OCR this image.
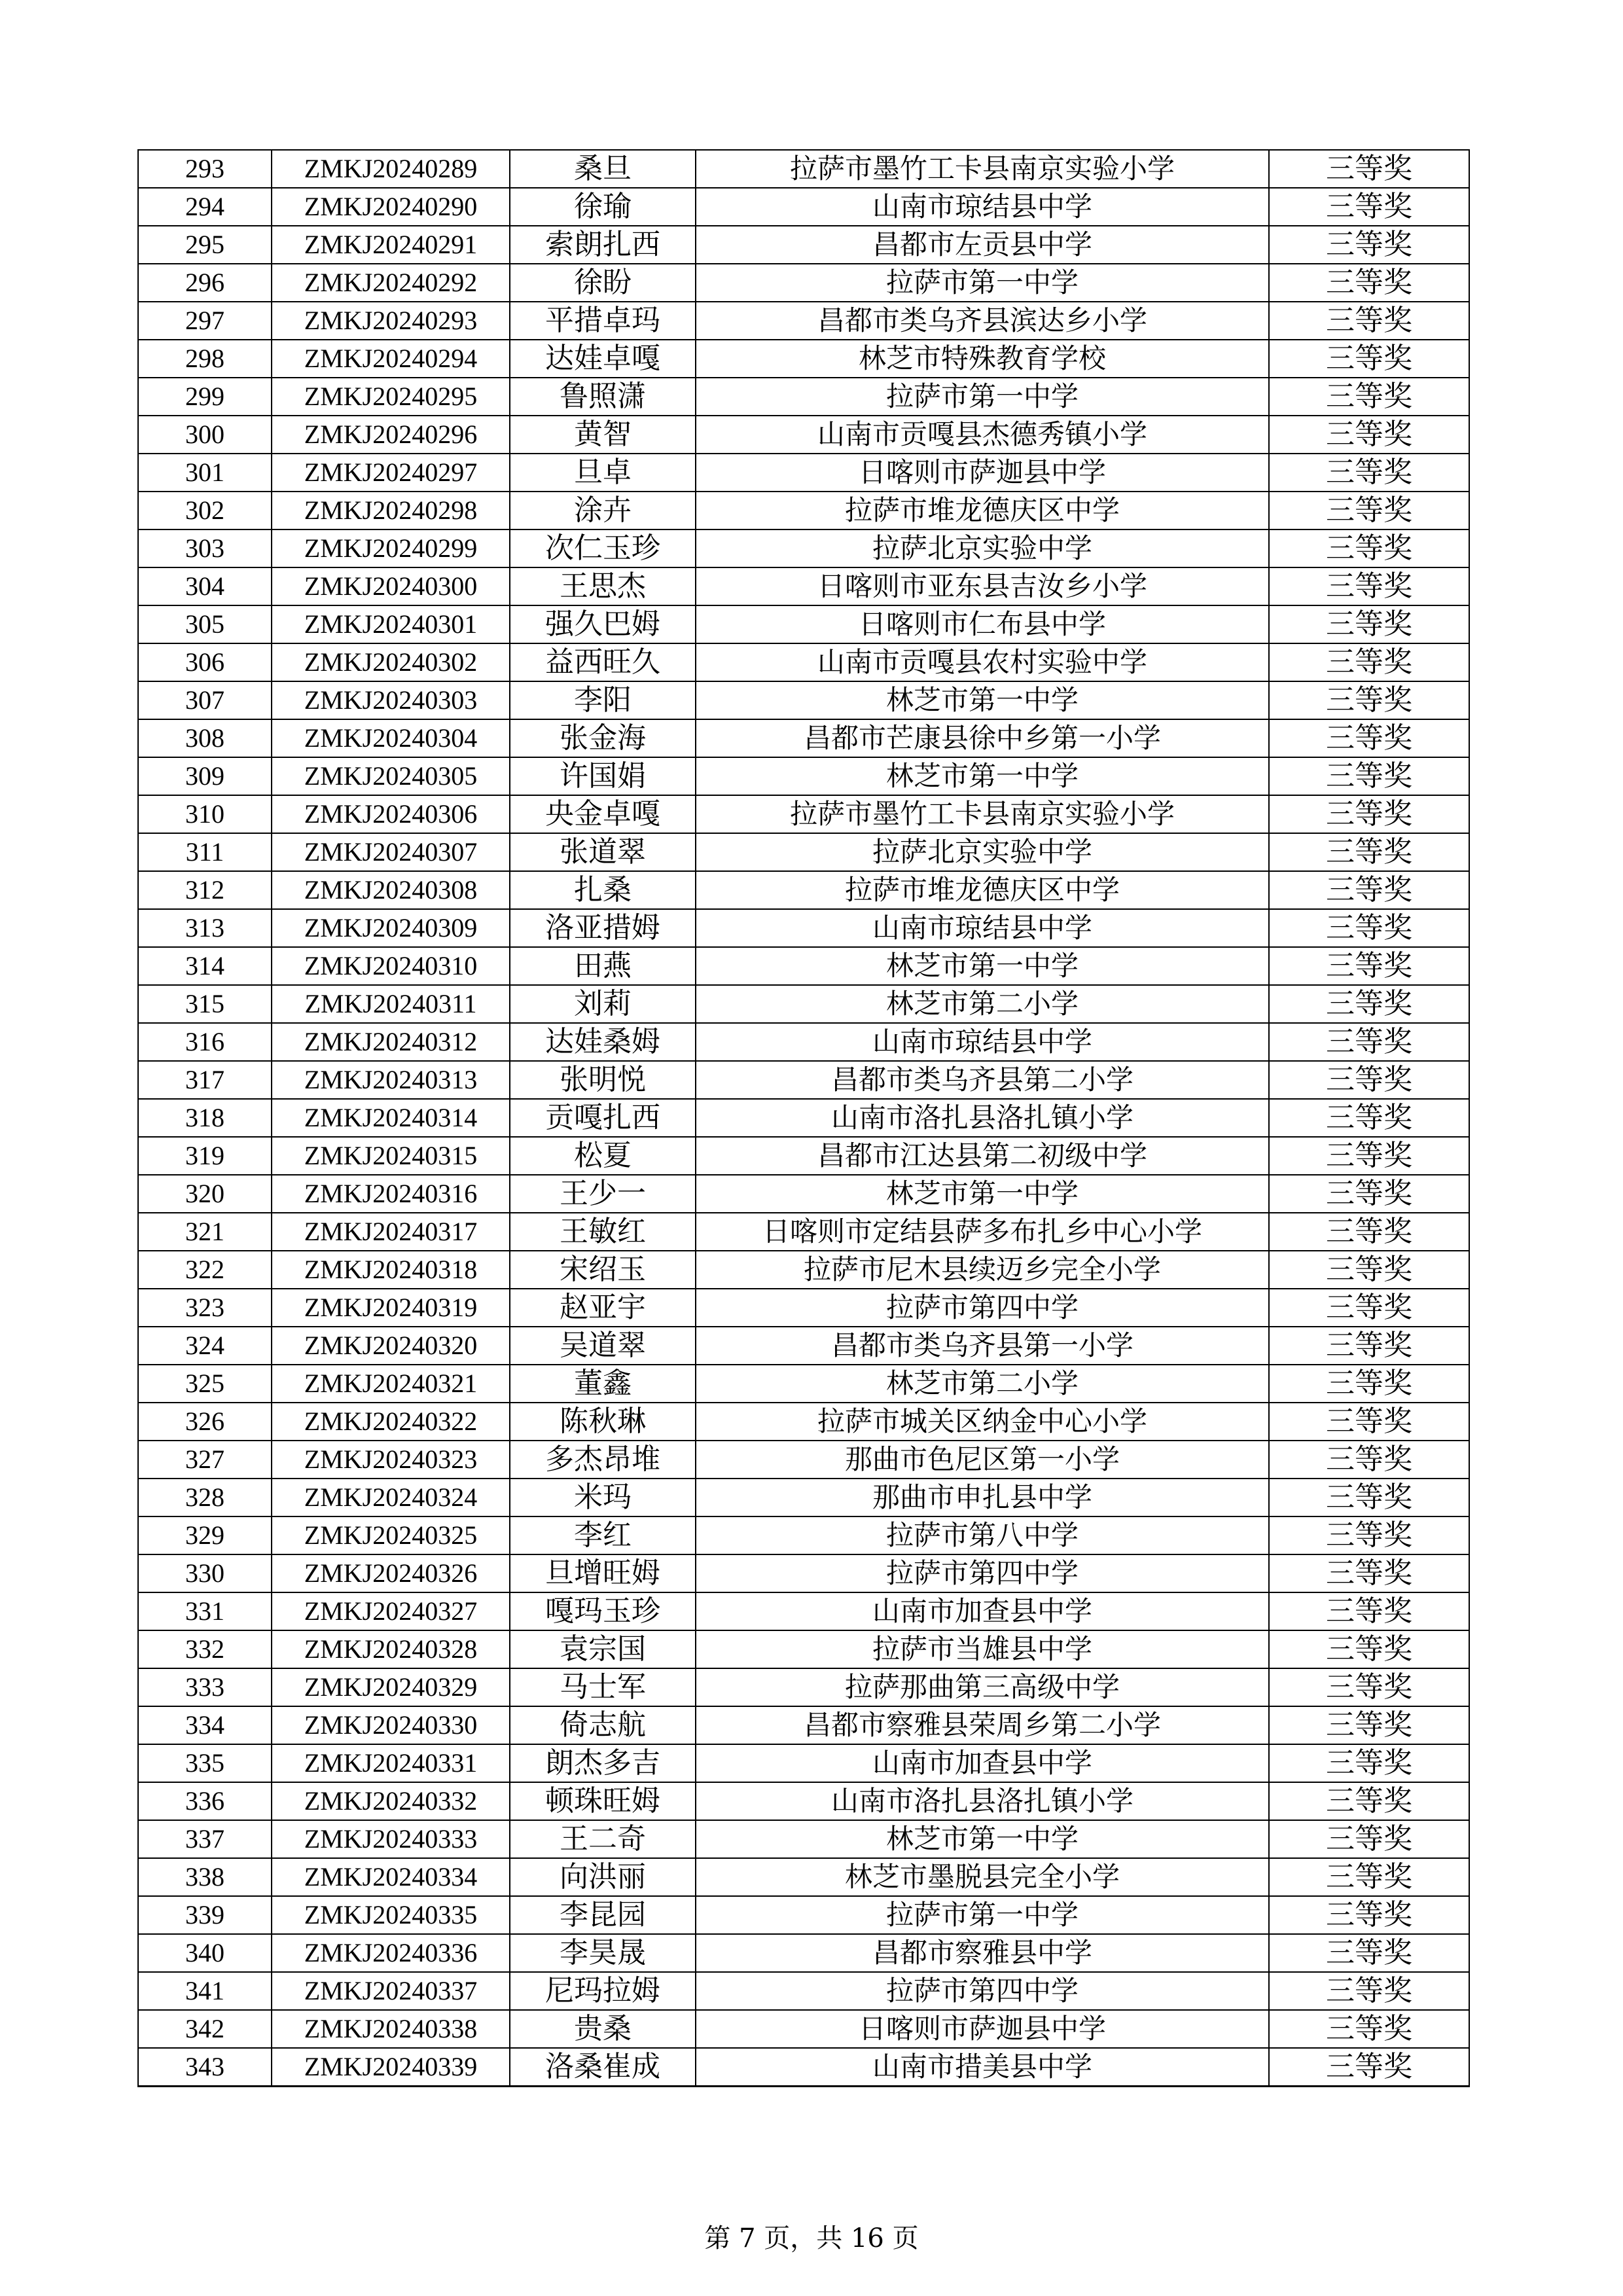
293	ZMKJ20240289	桑旦	拉萨市墨竹工卡县南京实验小学	三等奖
294	ZMKJ20240290	徐瑜	山南市琼结县中学	三等奖
295	ZMKJ20240291	索朗扎西	昌都市左贡县中学	三等奖
296	ZMKJ20240292	徐盼	拉萨市第一中学	三等奖
297	ZMKJ20240293	平措卓玛	昌都市类乌齐县滨达乡小学	三等奖
298	ZMKJ20240294	达娃卓嘎	林芝市特殊教育学校	三等奖
299	ZMKJ20240295	鲁照潇	拉萨市第一中学	三等奖
300	ZMKJ20240296	黄智	山南市贡嘎县杰德秀镇小学	三等奖
301	ZMKJ20240297	旦卓	日喀则市萨迦县中学	三等奖
302	ZMKJ20240298	涂卉	拉萨市堆龙德庆区中学	三等奖
303	ZMKJ20240299	次仁玉珍	拉萨北京实验中学	三等奖
304	ZMKJ20240300	王思杰	日喀则市亚东县吉汝乡小学	三等奖
305	ZMKJ20240301	强久巴姆	日喀则市仁布县中学	三等奖
306	ZMKJ20240302	益西旺久	山南市贡嘎县农村实验中学	三等奖
307	ZMKJ20240303	李阳	林芝市第一中学	三等奖
308	ZMKJ20240304	张金海	昌都市芒康县徐中乡第一小学	三等奖
309	ZMKJ20240305	许国娟	林芝市第一中学	三等奖
310	ZMKJ20240306	央金卓嘎	拉萨市墨竹工卡县南京实验小学	三等奖
311	ZMKJ20240307	张道翠	拉萨北京实验中学	三等奖
312	ZMKJ20240308	扎桑	拉萨市堆龙德庆区中学	三等奖
313	ZMKJ20240309	洛亚措姆	山南市琼结县中学	三等奖
314	ZMKJ20240310	田燕	林芝市第一中学	三等奖
315	ZMKJ20240311	刘莉	林芝市第二小学	三等奖
316	ZMKJ20240312	达娃桑姆	山南市琼结县中学	三等奖
317	ZMKJ20240313	张明悦	昌都市类乌齐县第二小学	三等奖
318	ZMKJ20240314	贡嘎扎西	山南市洛扎县洛扎镇小学	三等奖
319	ZMKJ20240315	松夏	昌都市江达县第二初级中学	三等奖
320	ZMKJ20240316	王少一	林芝市第一中学	三等奖
321	ZMKJ20240317	王敏红	日喀则市定结县萨多布扎乡中心小学	三等奖
322	ZMKJ20240318	宋绍玉	拉萨市尼木县续迈乡完全小学	三等奖
323	ZMKJ20240319	赵亚宇	拉萨市第四中学	三等奖
324	ZMKJ20240320	吴道翠	昌都市类乌齐县第一小学	三等奖
325	ZMKJ20240321	董鑫	林芝市第二小学	三等奖
326	ZMKJ20240322	陈秋琳	拉萨市城关区纳金中心小学	三等奖
327	ZMKJ20240323	多杰昂堆	那曲市色尼区第一小学	三等奖
328	ZMKJ20240324	米玛	那曲市申扎县中学	三等奖
329	ZMKJ20240325	李红	拉萨市第八中学	三等奖
330	ZMKJ20240326	旦增旺姆	拉萨市第四中学	三等奖
331	ZMKJ20240327	嘎玛玉珍	山南市加查县中学	三等奖
332	ZMKJ20240328	袁宗国	拉萨市当雄县中学	三等奖
333	ZMKJ20240329	马士军	拉萨那曲第三高级中学	三等奖
334	ZMKJ20240330	倚志航	昌都市察雅县荣周乡第二小学	三等奖
335	ZMKJ20240331	朗杰多吉	山南市加查县中学	三等奖
336	ZMKJ20240332	顿珠旺姆	山南市洛扎县洛扎镇小学	三等奖
337	ZMKJ20240333	王二奇	林芝市第一中学	三等奖
338	ZMKJ20240334	向洪丽	林芝市墨脱县完全小学	三等奖
339	ZMKJ20240335	李昆园	拉萨市第一中学	三等奖
340	ZMKJ20240336	李昊晟	昌都市察雅县中学	三等奖
341	ZMKJ20240337	尼玛拉姆	拉萨市第四中学	三等奖
342	ZMKJ20240338	贵桑	日喀则市萨迦县中学	三等奖
343	ZMKJ20240339	洛桑崔成	山南市措美县中学	三等奖
第 7 页，共 16 页
